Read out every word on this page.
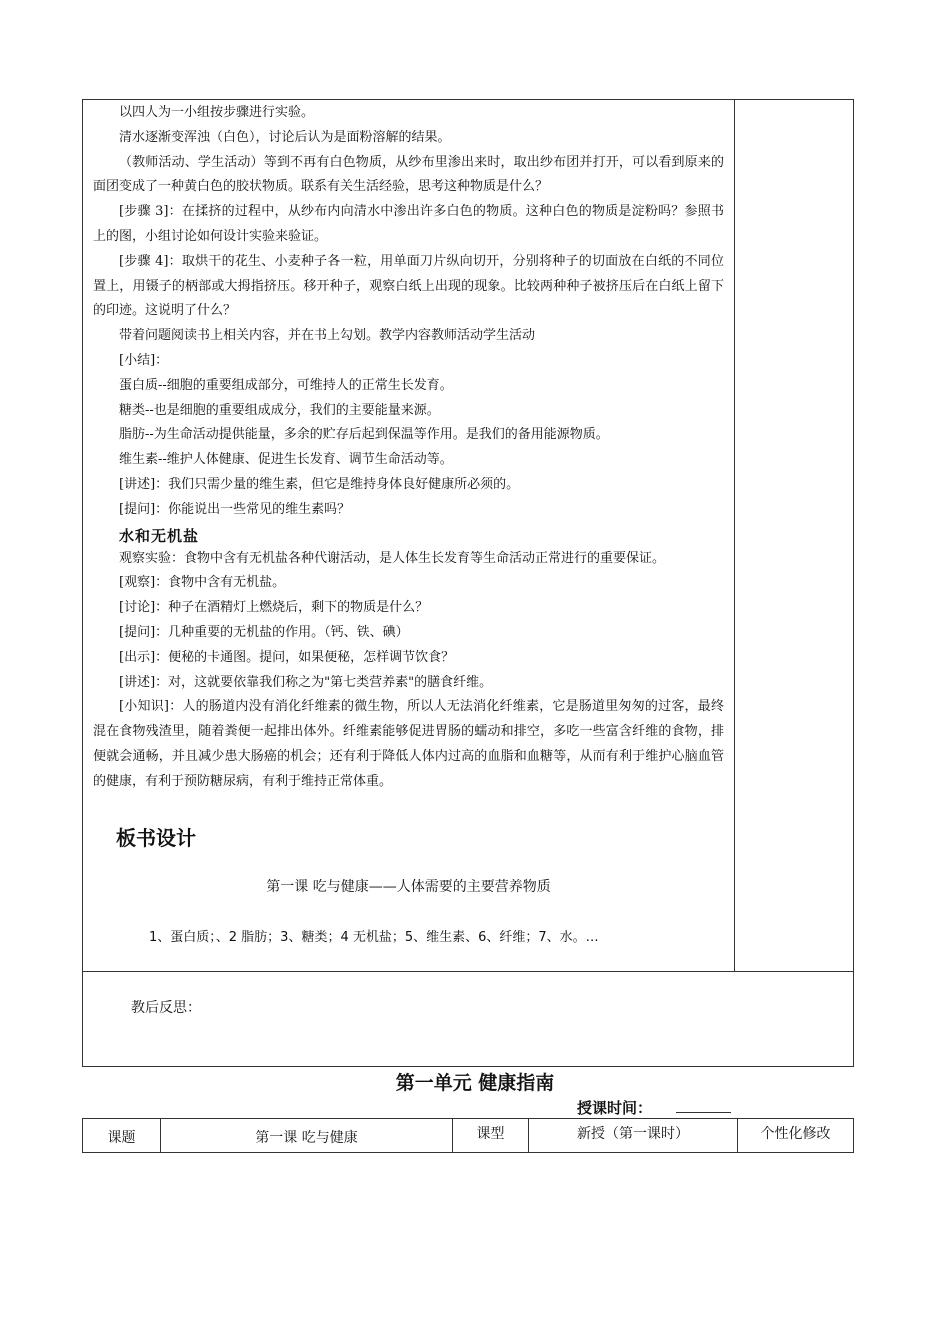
以四人为一小组按步骤进行实验。

清水逐渐变浑浊（白色），讨论后认为是面粉溶解的结果。

（教师活动、学生活动）等到不再有白色物质，从纱布里渗出来时，取出纱布团并打开，可以看到原来的面团变成了一种黄白色的胶状物质。联系有关生活经验，思考这种物质是什么？

[步骤 3]：在揉挤的过程中，从纱布内向清水中渗出许多白色的物质。这种白色的物质是淀粉吗？参照书上的图，小组讨论如何设计实验来验证。

[步骤 4]：取烘干的花生、小麦种子各一粒，用单面刀片纵向切开，分别将种子的切面放在白纸的不同位置上，用镊子的柄部或大拇指挤压。移开种子，观察白纸上出现的现象。比较两种种子被挤压后在白纸上留下的印迹。这说明了什么？

带着问题阅读书上相关内容，并在书上勾划。教学内容教师活动学生活动

[小结]：

蛋白质--细胞的重要组成部分，可维持人的正常生长发育。

糖类--也是细胞的重要组成成分，我们的主要能量来源。

脂肪--为生命活动提供能量，多余的贮存后起到保温等作用。是我们的备用能源物质。

维生素--维护人体健康、促进生长发育、调节生命活动等。

[讲述]：我们只需少量的维生素，但它是维持身体良好健康所必须的。

[提问]：你能说出一些常见的维生素吗？

水和无机盐

观察实验：食物中含有无机盐各种代谢活动，是人体生长发育等生命活动正常进行的重要保证。

[观察]：食物中含有无机盐。

[讨论]：种子在酒精灯上燃烧后，剩下的物质是什么？

[提问]：几种重要的无机盐的作用。（钙、铁、碘）

[出示]：便秘的卡通图。提问，如果便秘，怎样调节饮食？

[讲述]：对，这就要依靠我们称之为"第七类营养素"的膳食纤维。

[小知识]：人的肠道内没有消化纤维素的微生物，所以人无法消化纤维素，它是肠道里匆匆的过客，最终混在食物残渣里，随着粪便一起排出体外。纤维素能够促进胃肠的蠕动和排空，多吃一些富含纤维的食物，排便就会通畅，并且减少患大肠癌的机会；还有利于降低人体内过高的血脂和血糖等，从而有利于维护心脑血管的健康，有利于预防糖尿病，有利于维持正常体重。

板书设计

第一课 吃与健康——人体需要的主要营养物质

1、蛋白质；、2 脂肪；3、糖类；4 无机盐；5、维生素、6、纤维；7、水。…

教后反思：

第一单元 健康指南

授课时间：

课题	第一课 吃与健康	课型	新授（第一课时）	个性化修改
